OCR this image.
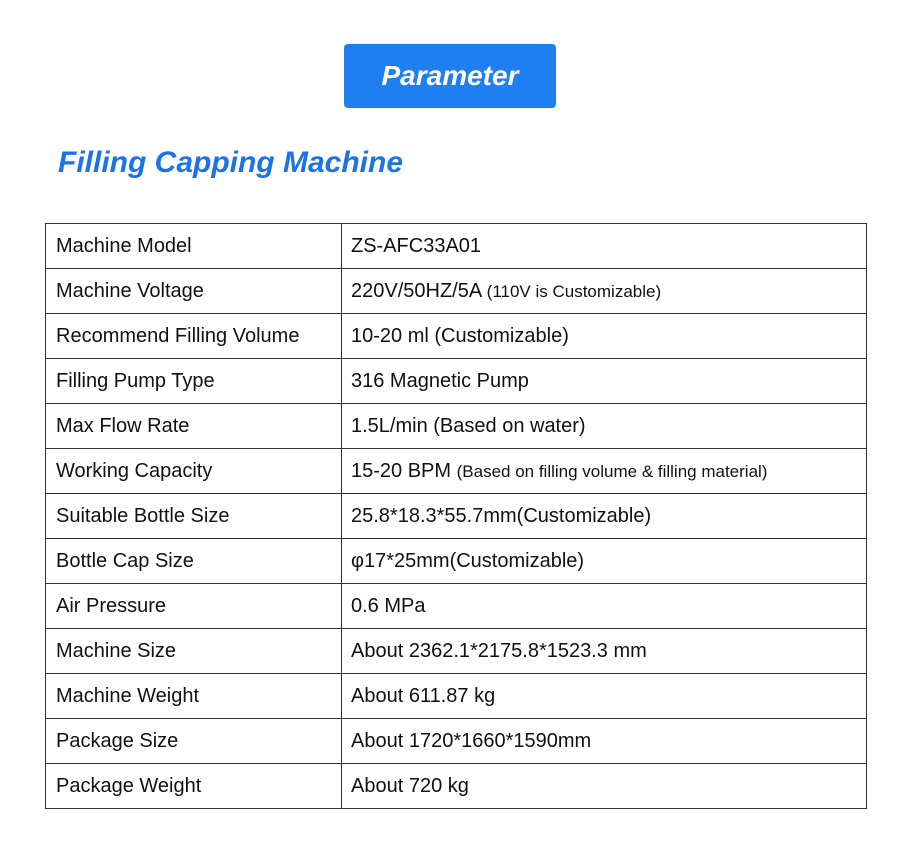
Parameter
Filling Capping Machine
Machine Model	ZS-AFC33A01
Machine Voltage	220V/50HZ/5A (110V is Customizable)
Recommend Filling Volume	10-20 ml (Customizable)
Filling Pump Type	316 Magnetic Pump
Max Flow Rate	1.5L/min (Based on water)
Working Capacity	15-20 BPM (Based on filling volume & filling material)
Suitable Bottle Size	25.8*18.3*55.7mm(Customizable)
Bottle Cap Size	φ17*25mm(Customizable)
Air Pressure	0.6 MPa
Machine Size	About 2362.1*2175.8*1523.3 mm
Machine Weight	About 611.87 kg
Package Size	About 1720*1660*1590mm
Package Weight	About 720 kg
